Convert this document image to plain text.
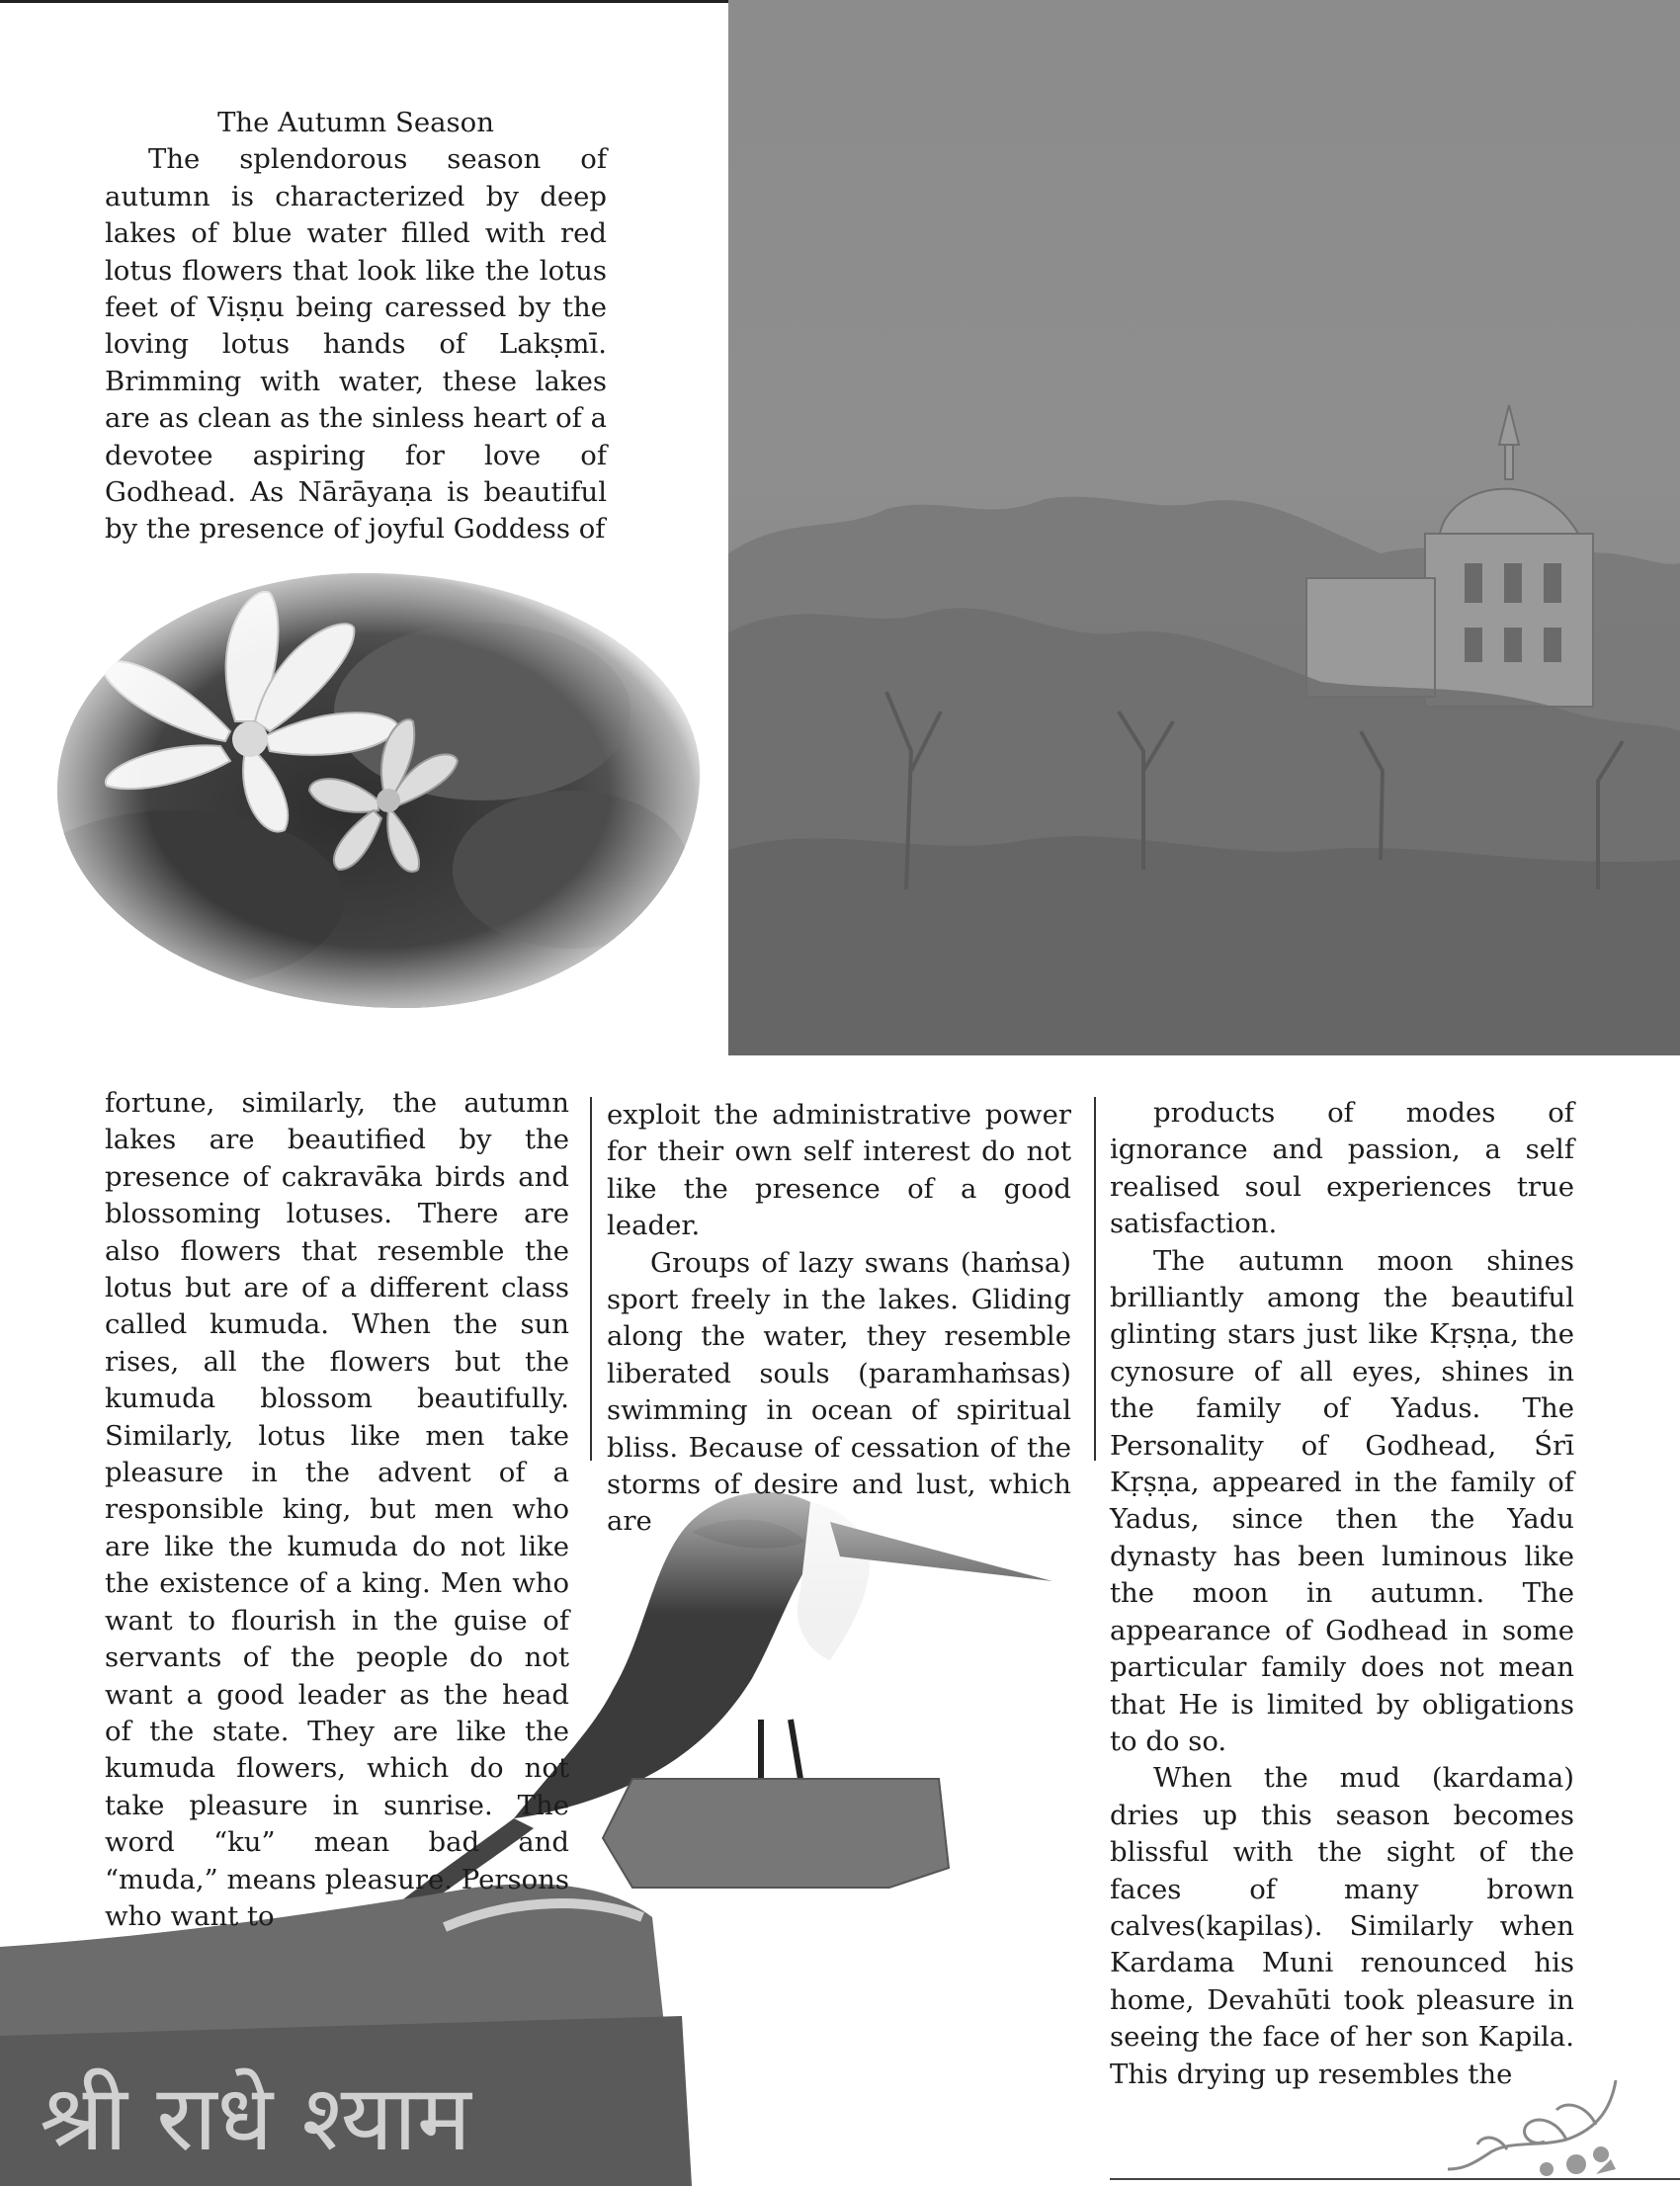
The Autumn Season

The splendorous season of autumn is characterized by deep lakes of blue water filled with red lotus flowers that look like the lotus feet of Viṣṇu being caressed by the loving lotus hands of Lakṣmī. Brimming with water, these lakes are as clean as the sinless heart of a devotee aspiring for love of Godhead. As Nārāyaṇa is beautiful by the presence of joyful Goddess of

fortune, similarly, the autumn lakes are beautified by the presence of cakravāka birds and blossoming lotuses. There are also flowers that resemble the lotus but are of a different class called kumuda. When the sun rises, all the flowers but the kumuda blossom beautifully. Similarly, lotus like men take pleasure in the advent of a responsible king, but men who are like the kumuda do not like the existence of a king. Men who want to flourish in the guise of servants of the people do not want a good leader as the head of the state. They are like the kumuda flowers, which do not take pleasure in sunrise. The word “ku” mean bad and “muda,” means pleasure. Persons who want to

exploit the administrative power for their own self interest do not like the presence of a good leader.

Groups of lazy swans (haṁsa) sport freely in the lakes. Gliding along the water, they resemble liberated souls (paramhaṁsas) swimming in ocean of spiritual bliss. Because of cessation of the storms of desire and lust, which are

products of modes of ignorance and passion, a self realised soul experiences true satisfaction.

The autumn moon shines brilliantly among the beautiful glinting stars just like Kṛṣṇa, the cynosure of all eyes, shines in the family of Yadus. The Personality of Godhead, Śrī Kṛṣṇa, appeared in the family of Yadus, since then the Yadu dynasty has been luminous like the moon in autumn. The appearance of Godhead in some particular family does not mean that He is limited by obligations to do so.

When the mud (kardama) dries up this season becomes blissful with the sight of the faces of many brown calves(kapilas). Similarly when Kardama Muni renounced his home, Devahūti took pleasure in seeing the face of her son Kapila. This drying up resembles the
